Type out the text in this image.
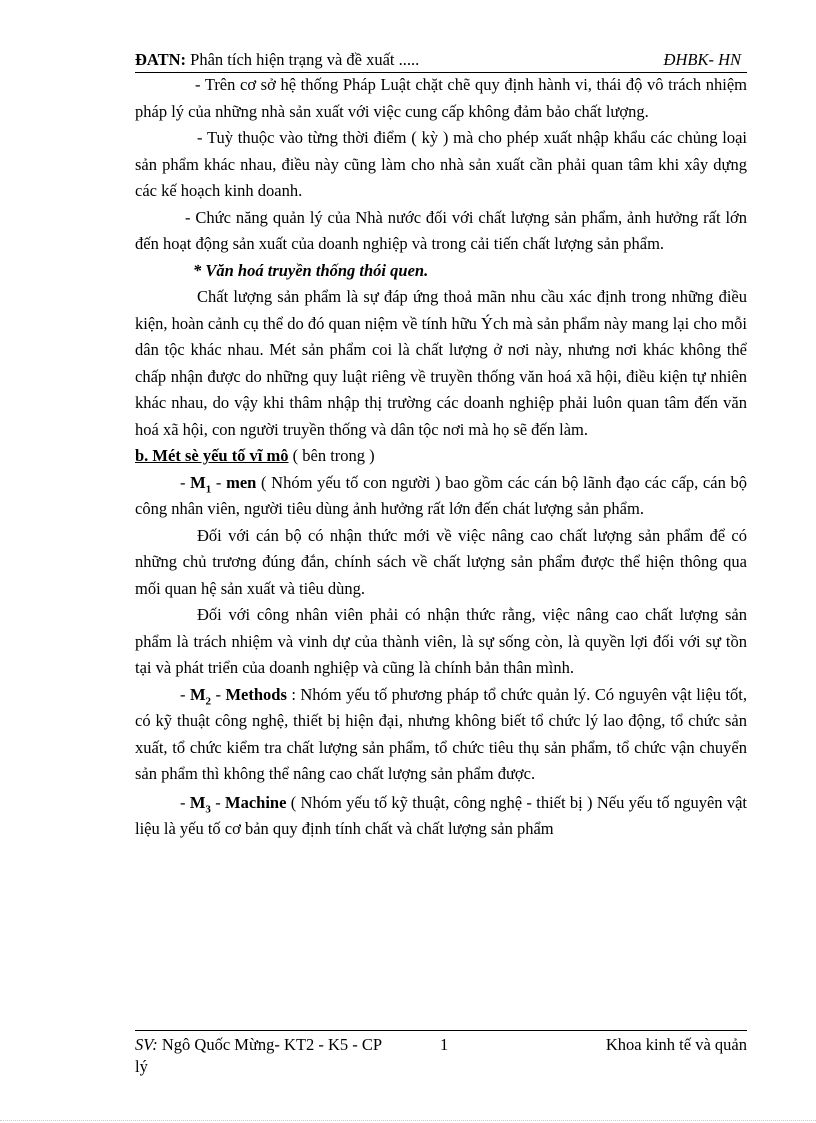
ĐATN: Phân tích hiện trạng và đề xuất .....	ĐHBK- HN

- Trên cơ sở hệ thống Pháp Luật chặt chẽ quy định hành vi, thái độ vô trách nhiệm pháp lý của những nhà sản xuất với việc cung cấp không đảm bảo chất lượng.

- Tuỳ thuộc vào từng thời điểm ( kỳ ) mà cho phép xuất nhập khẩu các chủng loại sản phẩm khác nhau, điều này cũng làm cho nhà sản xuất cần phải quan tâm khi xây dựng các kế hoạch kinh doanh.

- Chức năng quản lý của Nhà nước đối với chất lượng sản phẩm, ảnh hưởng rất lớn đến hoạt động sản xuất của doanh nghiệp và trong cải tiến chất lượng sản phẩm.

* Văn hoá truyền thống thói quen.

Chất lượng sản phẩm là sự đáp ứng thoả mãn nhu cầu xác định trong những điều kiện, hoàn cảnh cụ thể do đó quan niệm về tính hữu Ých mà sản phẩm này mang lại cho mỗi dân tộc khác nhau. Mét sản phẩm coi là chất lượng ở nơi này, nhưng nơi khác không thể chấp nhận được do những quy luật riêng về truyền thống văn hoá xã hội, điều kiện tự nhiên khác nhau, do vậy khi thâm nhập thị trường các doanh nghiệp phải luôn quan tâm đến văn hoá xã hội, con người truyền thống và dân tộc nơi mà họ sẽ đến làm.

b. Mét sè yếu tố vĩ mô ( bên trong )

- $M_1$ - men ( Nhóm yếu tố con người ) bao gồm các cán bộ lãnh đạo các cấp, cán bộ công nhân viên, người tiêu dùng ảnh hưởng rất lớn đến chát lượng sản phẩm.

Đối với cán bộ có nhận thức mới về việc nâng cao chất lượng sản phẩm để có những chủ trương đúng đắn, chính sách về chất lượng sản phẩm được thể hiện thông qua mối quan hệ sản xuất và tiêu dùng.

Đối với công nhân viên phải có nhận thức rằng, việc nâng cao chất lượng sản phẩm là trách nhiệm và vinh dự của thành viên, là sự sống còn, là quyền lợi đối với sự tồn tại và phát triển của doanh nghiệp và cũng là chính bản thân mình.

- $M_2$ - Methods : Nhóm yếu tố phương pháp tổ chức quản lý. Có nguyên vật liệu tốt, có kỹ thuật công nghệ, thiết bị hiện đại, nhưng không biết tổ chức lý lao động, tổ chức sản xuất, tổ chức kiểm tra chất lượng sản phẩm, tổ chức tiêu thụ sản phẩm, tổ chức vận chuyển sản phẩm thì không thể nâng cao chất lượng sản phẩm được.

- $M_3$ - Machine ( Nhóm yếu tố kỹ thuật, công nghệ - thiết bị ) Nếu yếu tố nguyên vật liệu là yếu tố cơ bản quy định tính chất và chất lượng sản phẩm

SV: Ngô Quốc Mừng- KT2 - K5 - CP
lý
1	Khoa kinh tế và quản
